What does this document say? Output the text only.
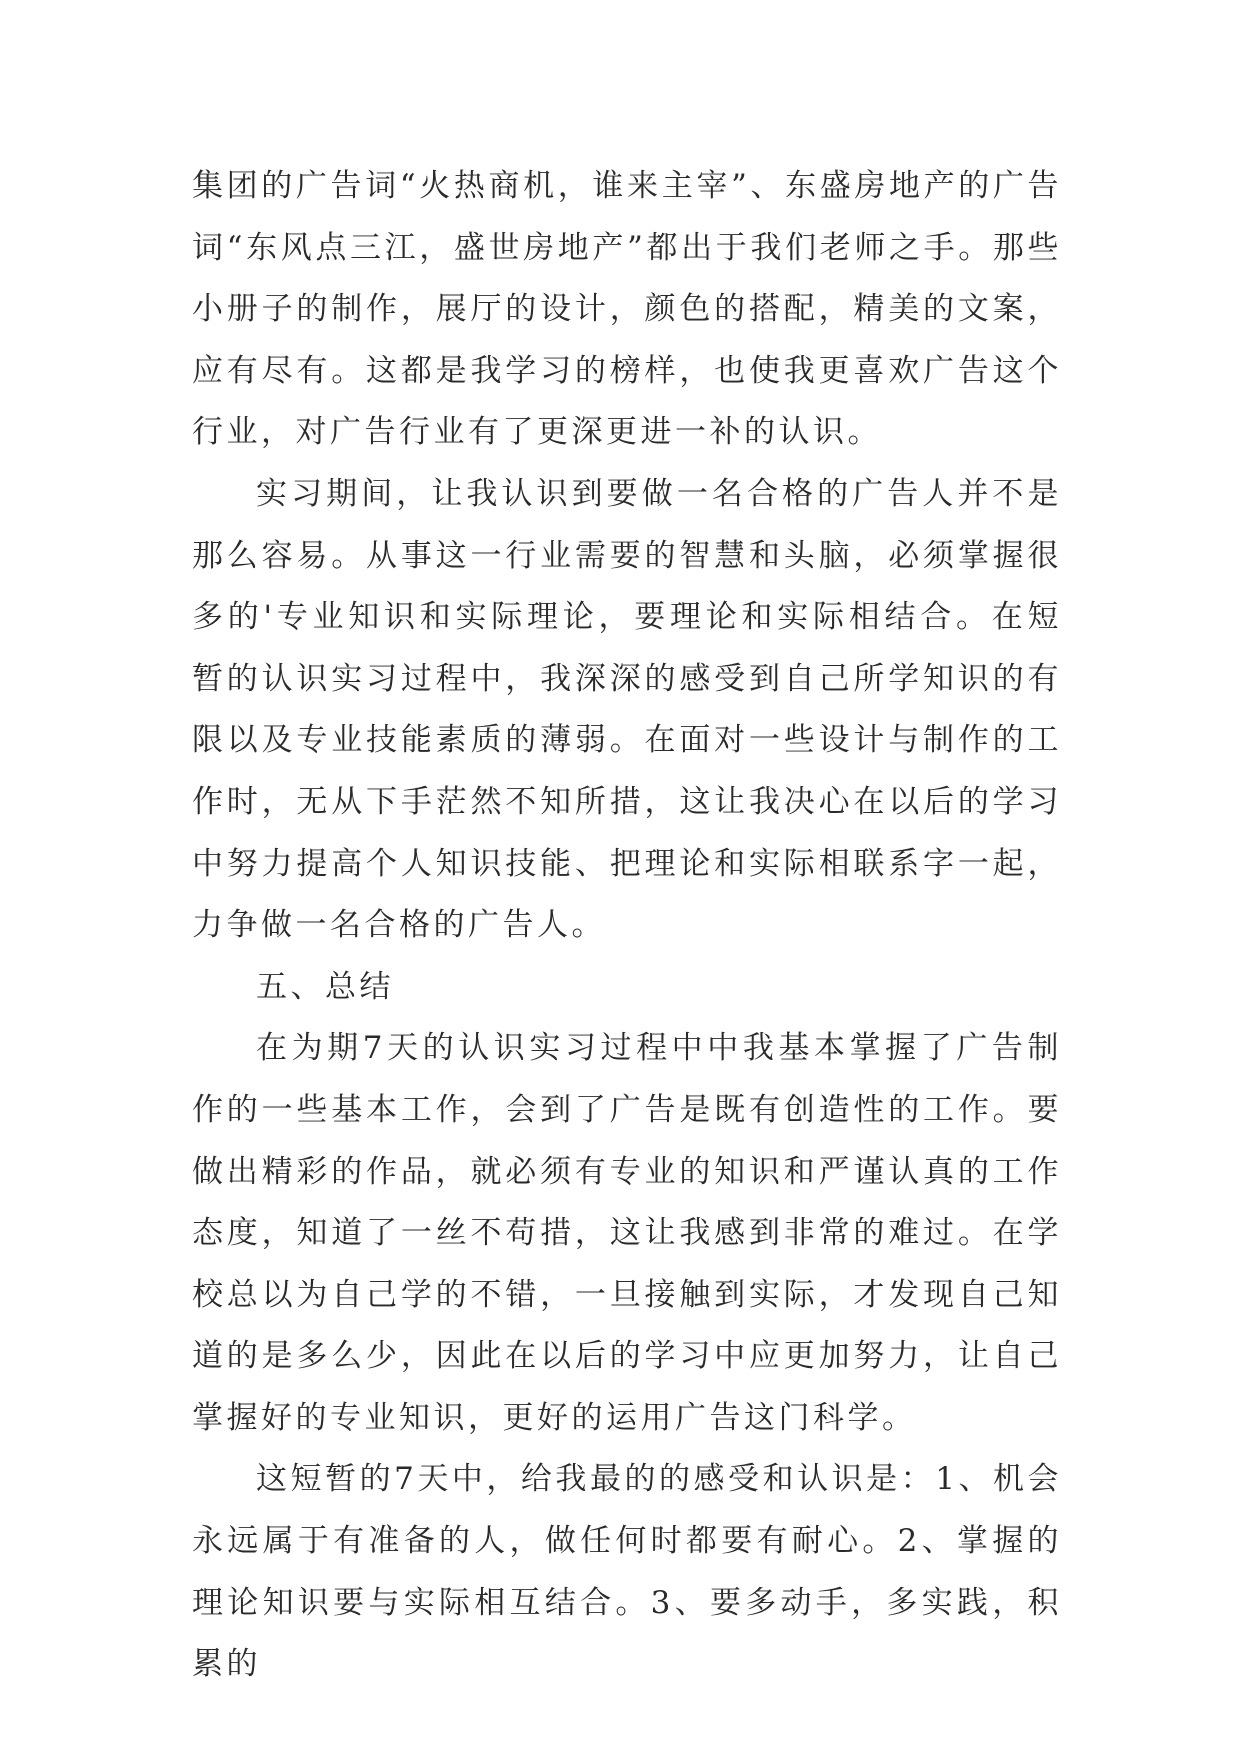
集团的广告词“火热商机，谁来主宰”、东盛房地产的广告词“东风点三江，盛世房地产”都出于我们老师之手。那些小册子的制作，展厅的设计，颜色的搭配，精美的文案，应有尽有。这都是我学习的榜样，也使我更喜欢广告这个行业，对广告行业有了更深更进一补的认识。

实习期间，让我认识到要做一名合格的广告人并不是那么容易。从事这一行业需要的智慧和头脑，必须掌握很多的'专业知识和实际理论，要理论和实际相结合。在短暂的认识实习过程中，我深深的感受到自己所学知识的有限以及专业技能素质的薄弱。在面对一些设计与制作的工作时，无从下手茫然不知所措，这让我决心在以后的学习中努力提高个人知识技能、把理论和实际相联系字一起，力争做一名合格的广告人。

五、总结

在为期7天的认识实习过程中中我基本掌握了广告制作的一些基本工作，会到了广告是既有创造性的工作。要做出精彩的作品，就必须有专业的知识和严谨认真的工作态度，知道了一丝不苟措，这让我感到非常的难过。在学校总以为自己学的不错，一旦接触到实际，才发现自己知道的是多么少，因此在以后的学习中应更加努力，让自己掌握好的专业知识，更好的运用广告这门科学。

这短暂的7天中，给我最的的感受和认识是：1、机会永远属于有准备的人，做任何时都要有耐心。2、掌握的理论知识要与实际相互结合。3、要多动手，多实践，积累的
